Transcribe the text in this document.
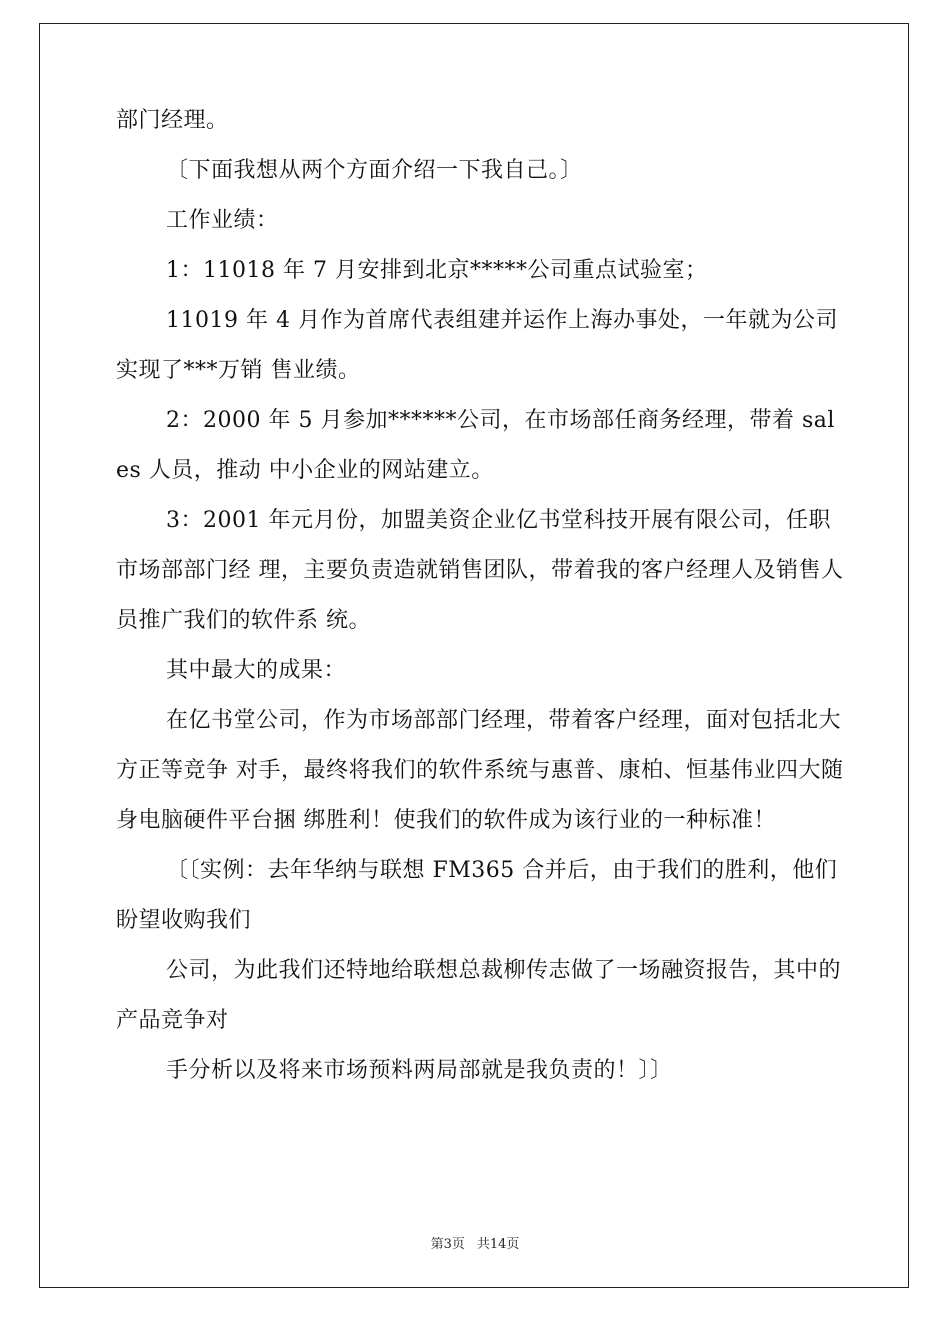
部门经理。

〔下面我想从两个方面介绍一下我自己。〕

工作业绩：

1：11018 年 7 月安排到北京*****公司重点试验室；

11019 年 4 月作为首席代表组建并运作上海办事处，一年就为公司实现了***万销 售业绩。

2：2000 年 5 月参加******公司，在市场部任商务经理，带着 sales 人员，推动 中小企业的网站建立。

3：2001 年元月份，加盟美资企业亿书堂科技开展有限公司，任职市场部部门经 理，主要负责造就销售团队，带着我的客户经理人及销售人员推广我们的软件系 统。

其中最大的成果：

在亿书堂公司，作为市场部部门经理，带着客户经理，面对包括北大方正等竞争 对手，最终将我们的软件系统与惠普、康柏、恒基伟业四大随身电脑硬件平台捆 绑胜利！使我们的软件成为该行业的一种标准！

〔〔实例：去年华纳与联想 FM365 合并后，由于我们的胜利，他们盼望收购我们

公司，为此我们还特地给联想总裁柳传志做了一场融资报告，其中的产品竞争对

手分析以及将来市场预料两局部就是我负责的！〕〕

第3页 共14页
